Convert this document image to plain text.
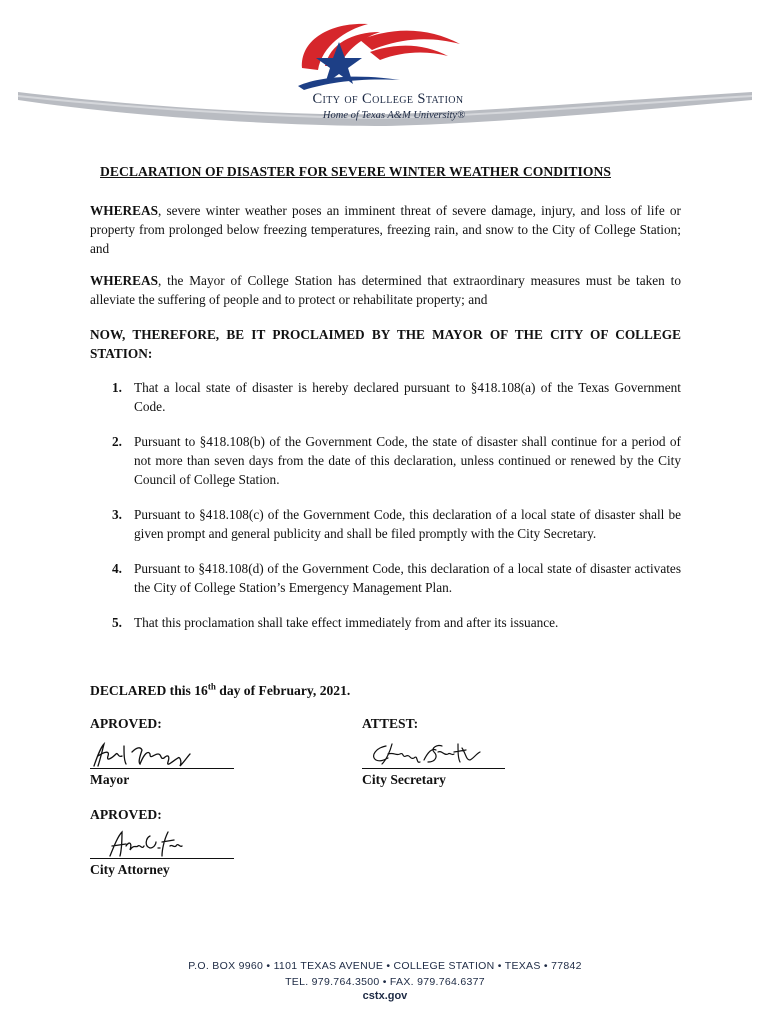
City of College Station
Home of Texas A&M University®

DECLARATION OF DISASTER FOR SEVERE WINTER WEATHER CONDITIONS

WHEREAS, severe winter weather poses an imminent threat of severe damage, injury, and loss of life or property from prolonged below freezing temperatures, freezing rain, and snow to the City of College Station; and

WHEREAS, the Mayor of College Station has determined that extraordinary measures must be taken to alleviate the suffering of people and to protect or rehabilitate property; and

NOW, THEREFORE, BE IT PROCLAIMED BY THE MAYOR OF THE CITY OF COLLEGE STATION:

1. That a local state of disaster is hereby declared pursuant to §418.108(a) of the Texas Government Code.
2. Pursuant to §418.108(b) of the Government Code, the state of disaster shall continue for a period of not more than seven days from the date of this declaration, unless continued or renewed by the City Council of College Station.
3. Pursuant to §418.108(c) of the Government Code, this declaration of a local state of disaster shall be given prompt and general publicity and shall be filed promptly with the City Secretary.
4. Pursuant to §418.108(d) of the Government Code, this declaration of a local state of disaster activates the City of College Station’s Emergency Management Plan.
5. That this proclamation shall take effect immediately from and after its issuance.

DECLARED this 16th day of February, 2021.

APROVED:

Mayor

ATTEST:

City Secretary

APROVED:

City Attorney

P.O. BOX 9960 • 1101 TEXAS AVENUE • COLLEGE STATION • TEXAS • 77842
TEL. 979.764.3500 • FAX. 979.764.6377
cstx.gov
